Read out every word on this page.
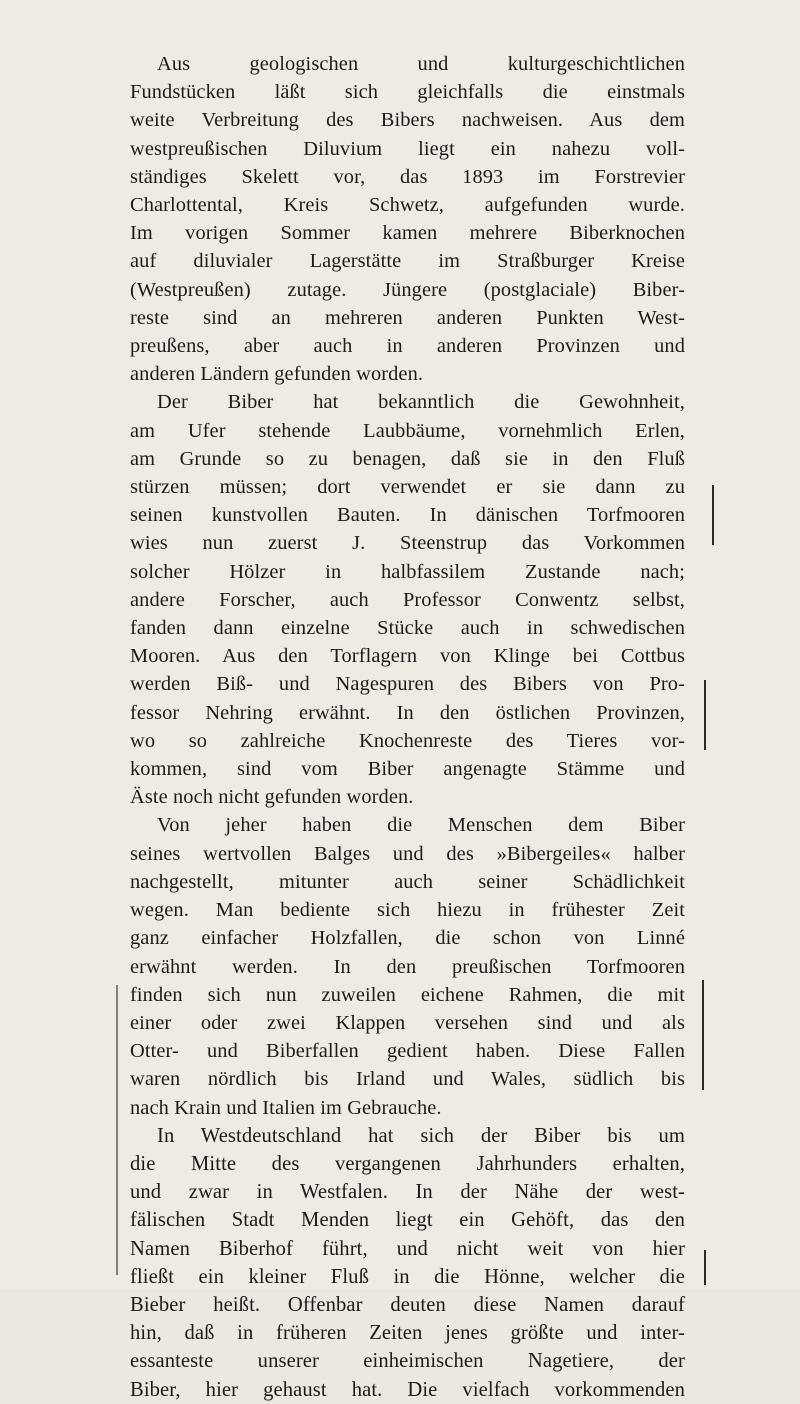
Aus geologischen und kulturgeschichtlichen
Fundstücken läßt sich gleichfalls die einstmals
weite Verbreitung des Bibers nachweisen. Aus dem
westpreußischen Diluvium liegt ein nahezu voll-
ständiges Skelett vor, das 1893 im Forstrevier
Charlottental, Kreis Schwetz, aufgefunden wurde.
Im vorigen Sommer kamen mehrere Biberknochen
auf diluvialer Lagerstätte im Straßburger Kreise
(Westpreußen) zutage. Jüngere (postglaciale) Biber-
reste sind an mehreren anderen Punkten West-
preußens, aber auch in anderen Provinzen und
anderen Ländern gefunden worden.

Der Biber hat bekanntlich die Gewohnheit,
am Ufer stehende Laubbäume, vornehmlich Erlen,
am Grunde so zu benagen, daß sie in den Fluß
stürzen müssen; dort verwendet er sie dann zu
seinen kunstvollen Bauten. In dänischen Torfmooren
wies nun zuerst J. Steenstrup das Vorkommen
solcher Hölzer in halbfassilem Zustande nach;
andere Forscher, auch Professor Conwentz selbst,
fanden dann einzelne Stücke auch in schwedischen
Mooren. Aus den Torflagern von Klinge bei Cottbus
werden Biß- und Nagespuren des Bibers von Pro-
fessor Nehring erwähnt. In den östlichen Provinzen,
wo so zahlreiche Knochenreste des Tieres vor-
kommen, sind vom Biber angenagte Stämme und
Äste noch nicht gefunden worden.

Von jeher haben die Menschen dem Biber
seines wertvollen Balges und des »Bibergeiles« halber
nachgestellt, mitunter auch seiner Schädlichkeit
wegen. Man bediente sich hiezu in frühester Zeit
ganz einfacher Holzfallen, die schon von Linné
erwähnt werden. In den preußischen Torfmooren
finden sich nun zuweilen eichene Rahmen, die mit
einer oder zwei Klappen versehen sind und als
Otter- und Biberfallen gedient haben. Diese Fallen
waren nördlich bis Irland und Wales, südlich bis
nach Krain und Italien im Gebrauche.

In Westdeutschland hat sich der Biber bis um
die Mitte des vergangenen Jahrhunders erhalten,
und zwar in Westfalen. In der Nähe der west-
fälischen Stadt Menden liegt ein Gehöft, das den
Namen Biberhof führt, und nicht weit von hier
fließt ein kleiner Fluß in die Hönne, welcher die
Bieber heißt. Offenbar deuten diese Namen darauf
hin, daß in früheren Zeiten jenes größte und inter-
essanteste unserer einheimischen Nagetiere, der
Biber, hier gehaust hat. Die vielfach vorkommenden
